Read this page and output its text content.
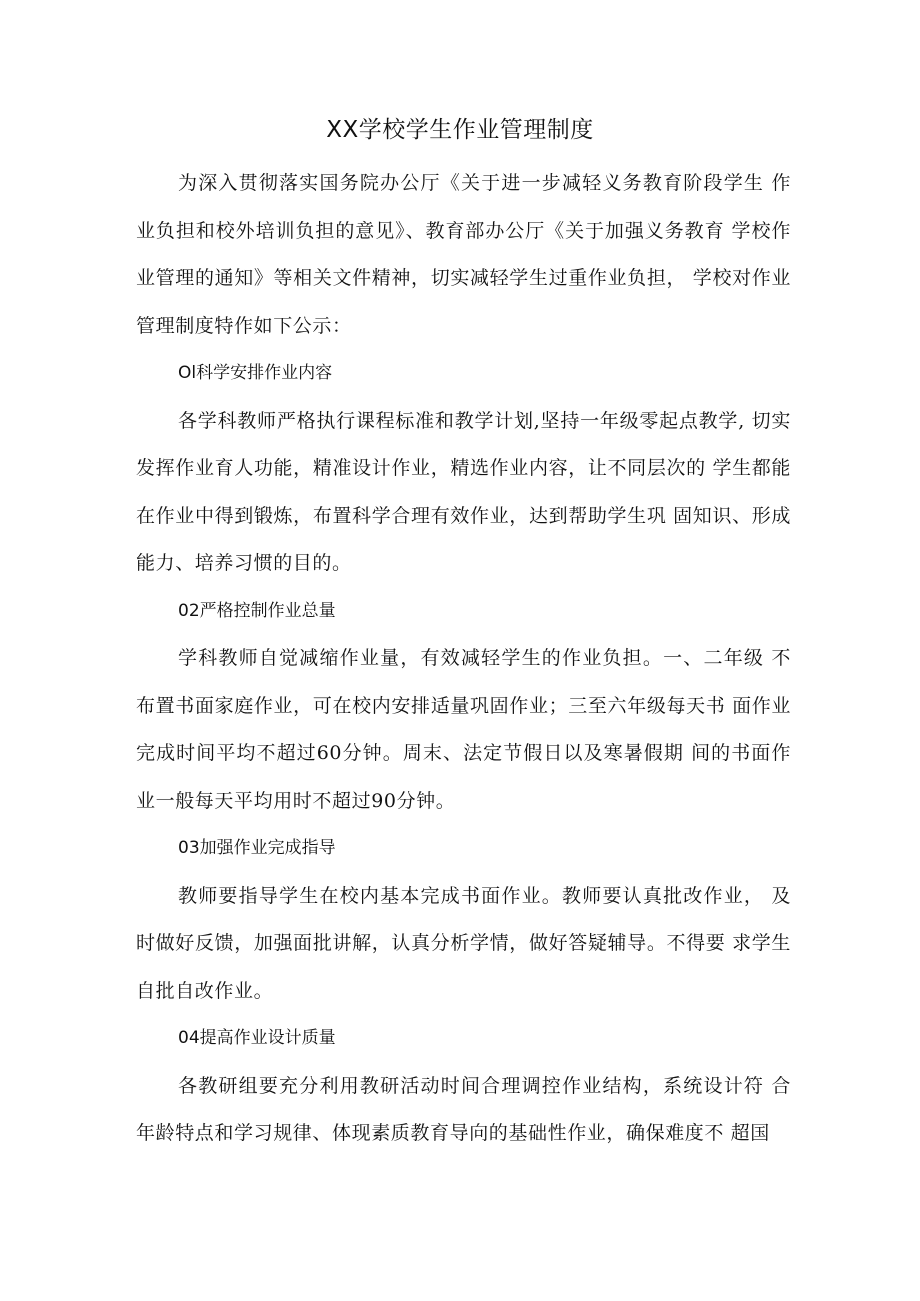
XX学校学生作业管理制度

为深入贯彻落实国务院办公厅《关于进一步减轻义务教育阶段学生 作业负担和校外培训负担的意见》、教育部办公厅《关于加强义务教育 学校作业管理的通知》等相关文件精神，切实减轻学生过重作业负担， 学校对作业管理制度特作如下公示：

Ol科学安排作业内容

各学科教师严格执行课程标准和教学计划,坚持一年级零起点教学, 切实发挥作业育人功能，精准设计作业，精选作业内容，让不同层次的 学生都能在作业中得到锻炼，布置科学合理有效作业，达到帮助学生巩 固知识、形成能力、培养习惯的目的。

02严格控制作业总量

学科教师自觉减缩作业量，有效减轻学生的作业负担。一、二年级 不布置书面家庭作业，可在校内安排适量巩固作业；三至六年级每天书 面作业完成时间平均不超过60分钟。周末、法定节假日以及寒暑假期 间的书面作业一般每天平均用时不超过90分钟。

03加强作业完成指导

教师要指导学生在校内基本完成书面作业。教师要认真批改作业， 及时做好反馈，加强面批讲解，认真分析学情，做好答疑辅导。不得要 求学生自批自改作业。

04提高作业设计质量

各教研组要充分利用教研活动时间合理调控作业结构，系统设计符 合年龄特点和学习规律、体现素质教育导向的基础性作业，确保难度不 超国
